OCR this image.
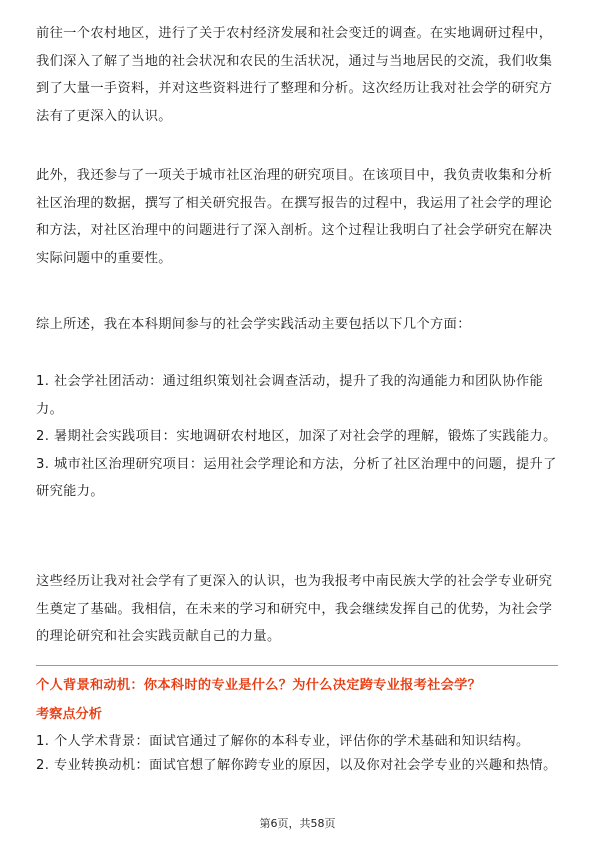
前往一个农村地区，进行了关于农村经济发展和社会变迁的调查。在实地调研过程中，我们深入了解了当地的社会状况和农民的生活状况，通过与当地居民的交流，我们收集到了大量一手资料，并对这些资料进行了整理和分析。这次经历让我对社会学的研究方法有了更深入的认识。

此外，我还参与了一项关于城市社区治理的研究项目。在该项目中，我负责收集和分析社区治理的数据，撰写了相关研究报告。在撰写报告的过程中，我运用了社会学的理论和方法，对社区治理中的问题进行了深入剖析。这个过程让我明白了社会学研究在解决实际问题中的重要性。

综上所述，我在本科期间参与的社会学实践活动主要包括以下几个方面：

1. 社会学社团活动：通过组织策划社会调查活动，提升了我的沟通能力和团队协作能力。
2. 暑期社会实践项目：实地调研农村地区，加深了对社会学的理解，锻炼了实践能力。
3. 城市社区治理研究项目：运用社会学理论和方法，分析了社区治理中的问题，提升了研究能力。

这些经历让我对社会学有了更深入的认识，也为我报考中南民族大学的社会学专业研究生奠定了基础。我相信，在未来的学习和研究中，我会继续发挥自己的优势，为社会学的理论研究和社会实践贡献自己的力量。

个人背景和动机：你本科时的专业是什么？为什么决定跨专业报考社会学？
考察点分析
1. 个人学术背景：面试官通过了解你的本科专业，评估你的学术基础和知识结构。
2. 专业转换动机：面试官想了解你跨专业的原因，以及你对社会学专业的兴趣和热情。
第6页，共58页
